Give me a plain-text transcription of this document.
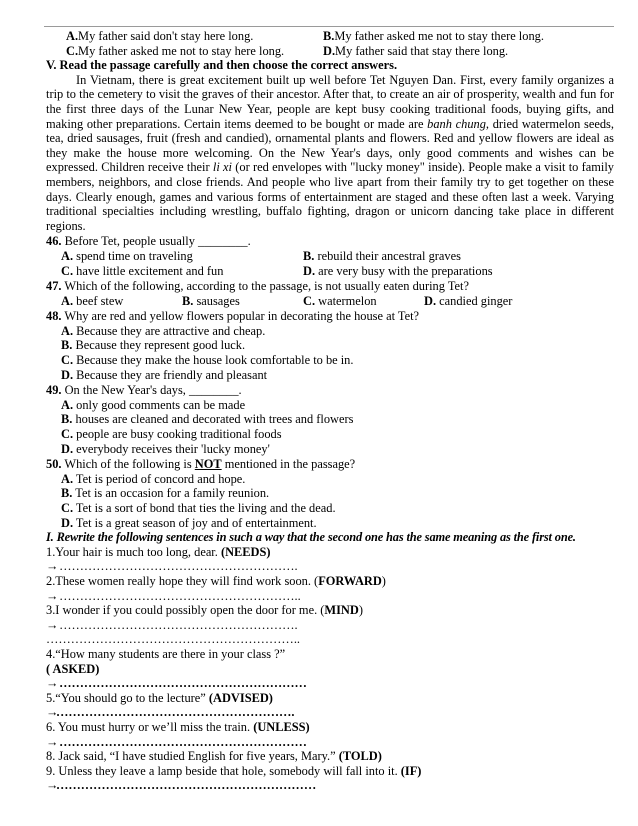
A.My father said don't stay here long.	B.My father asked me not to stay there long.
C.My father asked me not to stay here long.	D.My father said that stay there long.

V. Read the passage carefully and then choose the correct answers.

In Vietnam, there is great excitement built up well before Tet Nguyen Dan. First, every family organizes a trip to the cemetery to visit the graves of their ancestor. After that, to create an air of prosperity, wealth and fun for the first three days of the Lunar New Year, people are kept busy cooking traditional foods, buying gifts, and making other preparations. Certain items deemed to be bought or made are banh chung, dried watermelon seeds, tea, dried sausages, fruit (fresh and candied), ornamental plants and flowers. Red and yellow flowers are ideal as they make the house more welcoming. On the New Year's days, only good comments and wishes can be expressed. Children receive their li xi (or red envelopes with "lucky money" inside). People make a visit to family members, neighbors, and close friends. And people who live apart from their family try to get together on these days. Clearly enough, games and various forms of entertainment are staged and these often last a week. Varying traditional specialties including wrestling, buffalo fighting, dragon or unicorn dancing take place in different regions.

46. Before Tet, people usually ________.

A. spend time on traveling	B. rebuild their ancestral graves
C. have little excitement and fun	D. are very busy with the preparations

47. Which of the following, according to the passage, is not usually eaten during Tet?

A. beef stew	B. sausages	C. watermelon	D. candied ginger

48. Why are red and yellow flowers popular in decorating the house at Tet?

A. Because they are attractive and cheap.

B. Because they represent good luck.

C. Because they make the house look comfortable to be in.

D. Because they are friendly and pleasant

49. On the New Year's days, ________.

A. only good comments can be made

B. houses are cleaned and decorated with trees and flowers

C. people are busy cooking traditional foods

D. everybody receives their 'lucky money'

50. Which of the following is NOT mentioned in the passage?

A. Tet is period of concord and hope.

B. Tet is an occasion for a family reunion.

C. Tet is a sort of bond that ties the living and the dead.

D. Tet is a great season of joy and of entertainment.

I. Rewrite the following sentences in such a way that the second one has the same meaning as the first one.

1.Your hair is much too long, dear. (NEEDS)

→ ………………………………………………….

2.These women really hope they will find work soon. (FORWARD)

→ …………………………………………………..

3.I wonder if you could possibly open the door for me. (MIND)

→ ………………………………………………….

……………………………………………………..

4.“How many students are there in your class ?”

( ASKED)

→ ……………………………………………………

5.“You should go to the lecture” (ADVISED)

→………………………………………………….

6. You must hurry or we’ll miss the train. (UNLESS)

→ ……………………………………………………

8. Jack said, “I have studied English for five years, Mary.” (TOLD)

9. Unless they leave a lamp beside that hole, somebody will fall into it. (IF)

→………………………………………………………
